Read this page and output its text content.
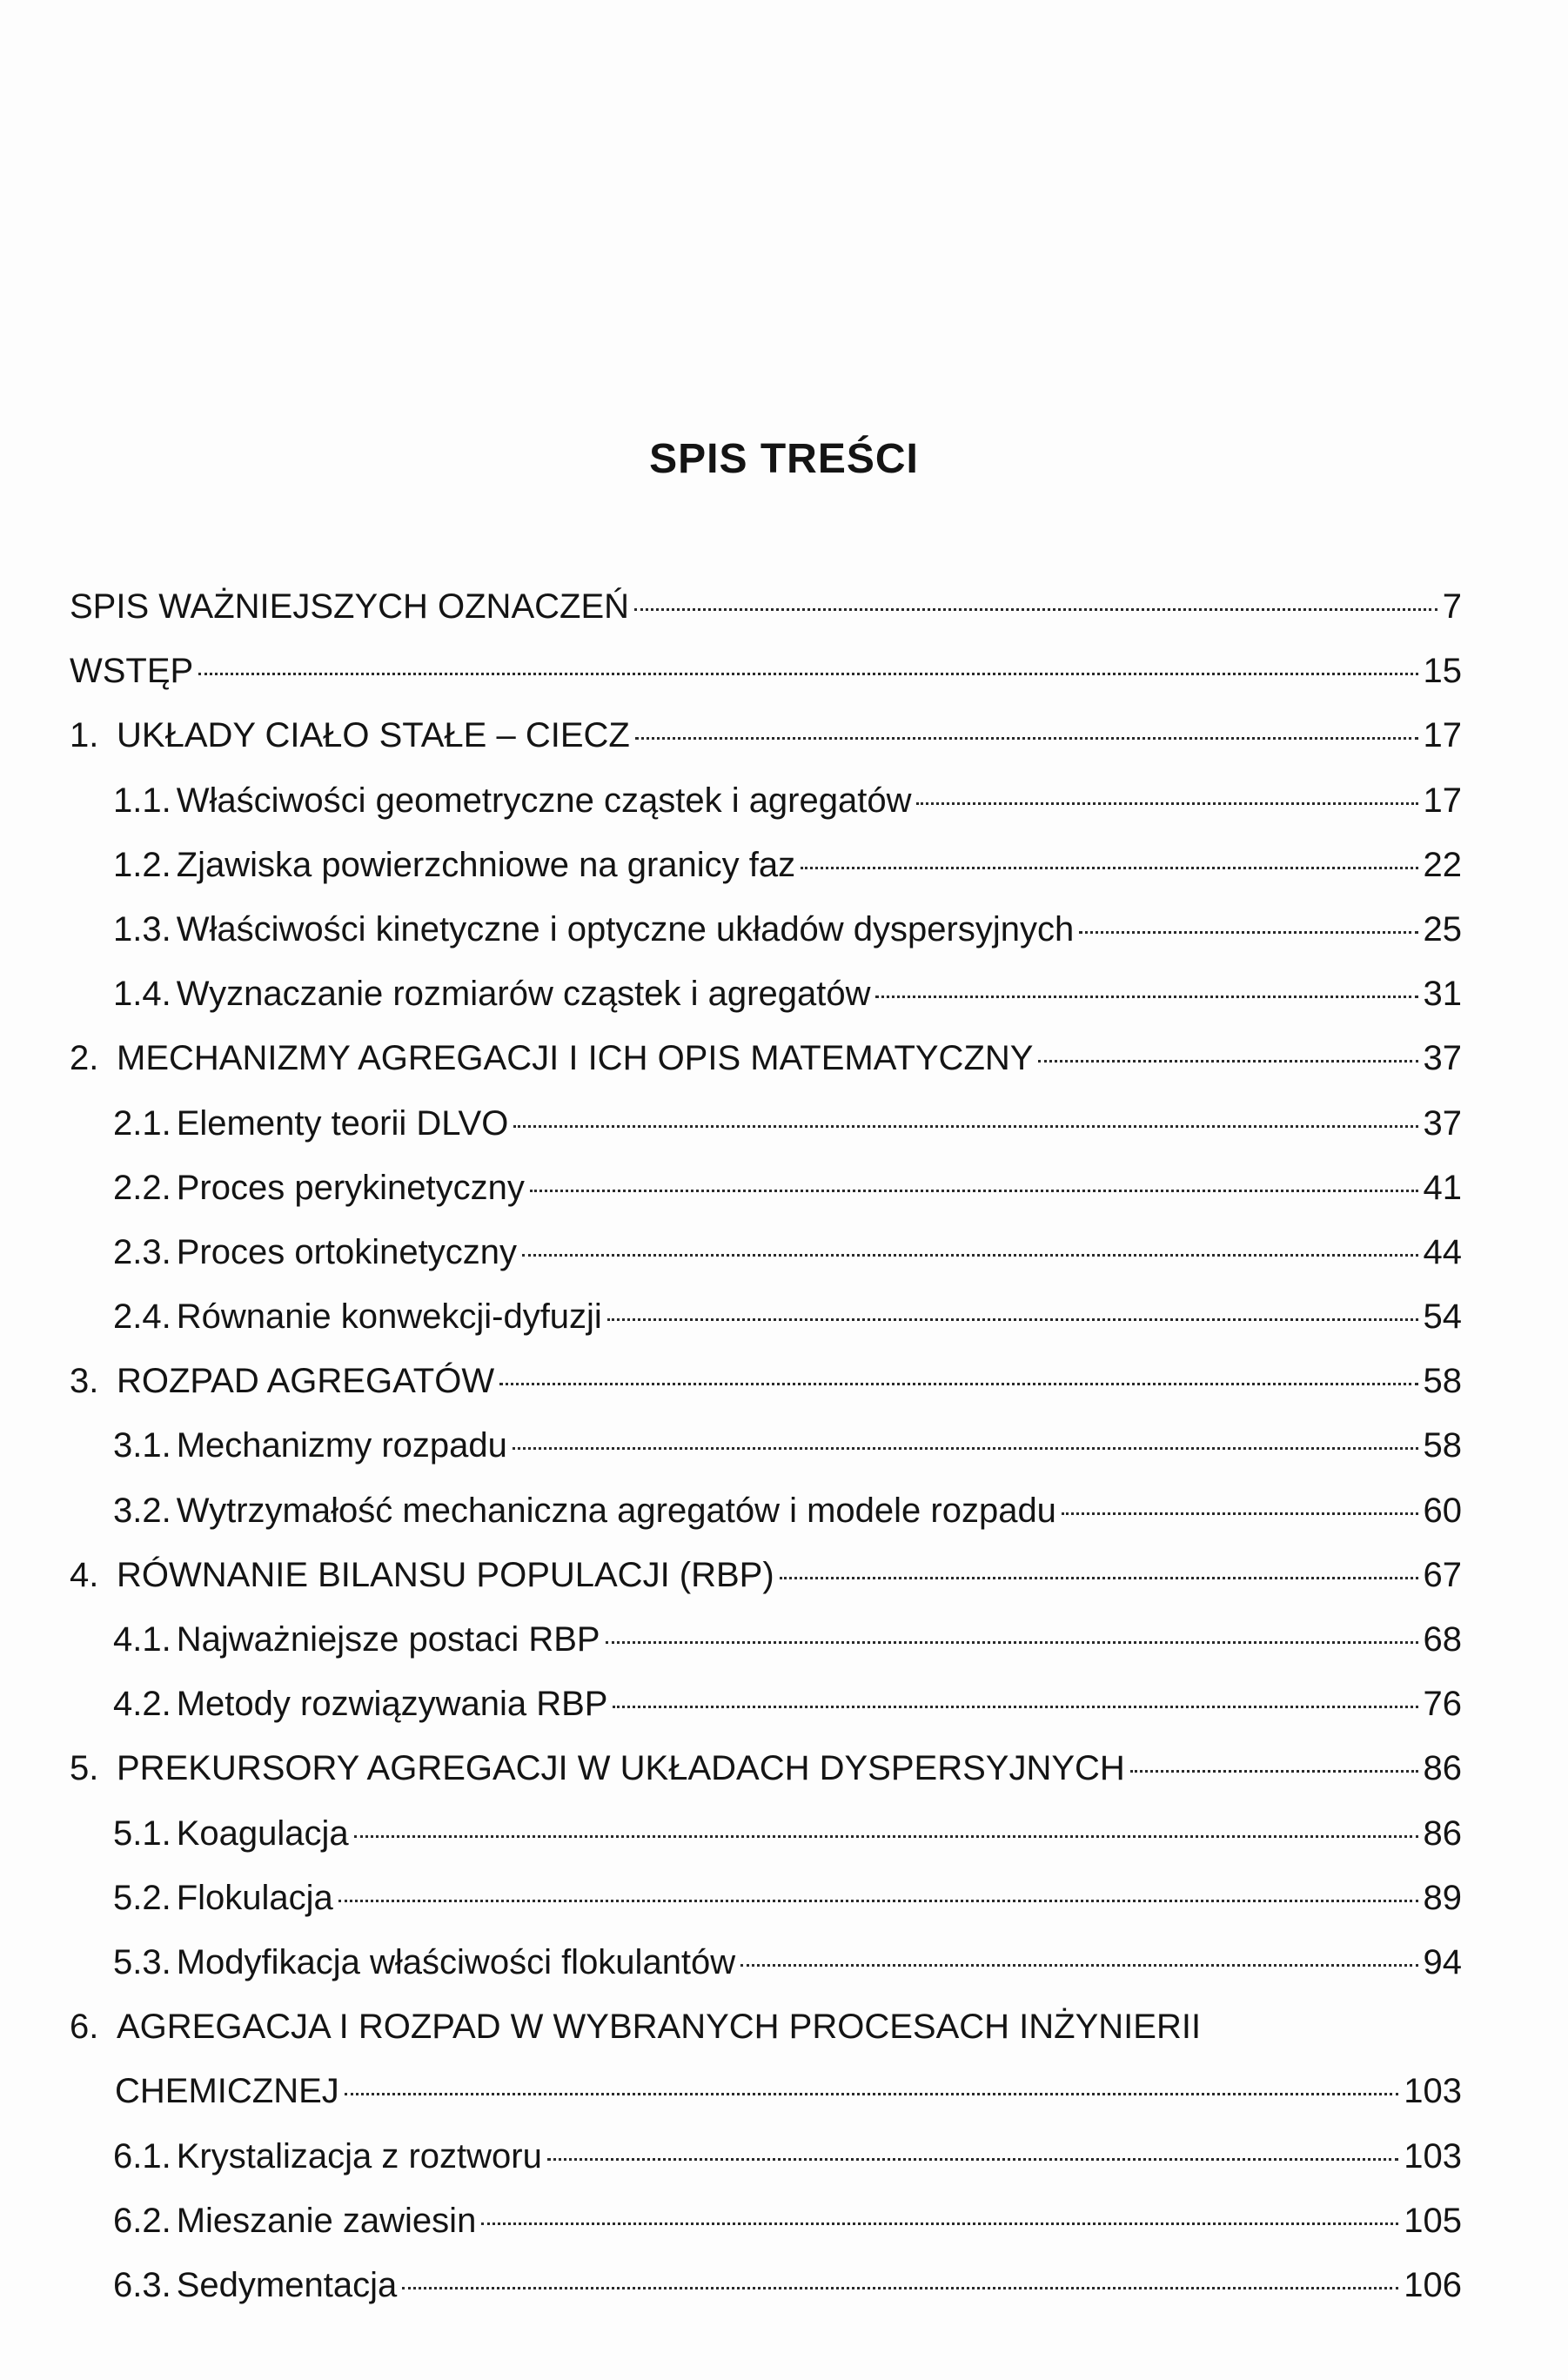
SPIS TREŚCI
SPIS WAŻNIEJSZYCH OZNACZEŃ	7
WSTĘP	15
1. UKŁADY CIAŁO STAŁE – CIECZ	17
1.1. Właściwości geometryczne cząstek i agregatów	17
1.2. Zjawiska powierzchniowe na granicy faz	22
1.3. Właściwości kinetyczne i optyczne układów dyspersyjnych	25
1.4. Wyznaczanie rozmiarów cząstek i agregatów	31
2. MECHANIZMY AGREGACJI I ICH OPIS MATEMATYCZNY	37
2.1. Elementy teorii DLVO	37
2.2. Proces perykinetyczny	41
2.3. Proces ortokinetyczny	44
2.4. Równanie konwekcji-dyfuzji	54
3. ROZPAD AGREGATÓW	58
3.1. Mechanizmy rozpadu	58
3.2. Wytrzymałość mechaniczna agregatów i modele rozpadu	60
4. RÓWNANIE BILANSU POPULACJI (RBP)	67
4.1. Najważniejsze postaci RBP	68
4.2. Metody rozwiązywania RBP	76
5. PREKURSORY AGREGACJI W UKŁADACH DYSPERSYJNYCH	86
5.1. Koagulacja	86
5.2. Flokulacja	89
5.3. Modyfikacja właściwości flokulantów	94
6. AGREGACJA I ROZPAD W WYBRANYCH PROCESACH INŻYNIERII
CHEMICZNEJ	103
6.1. Krystalizacja z roztworu	103
6.2. Mieszanie zawiesin	105
6.3. Sedymentacja	106
